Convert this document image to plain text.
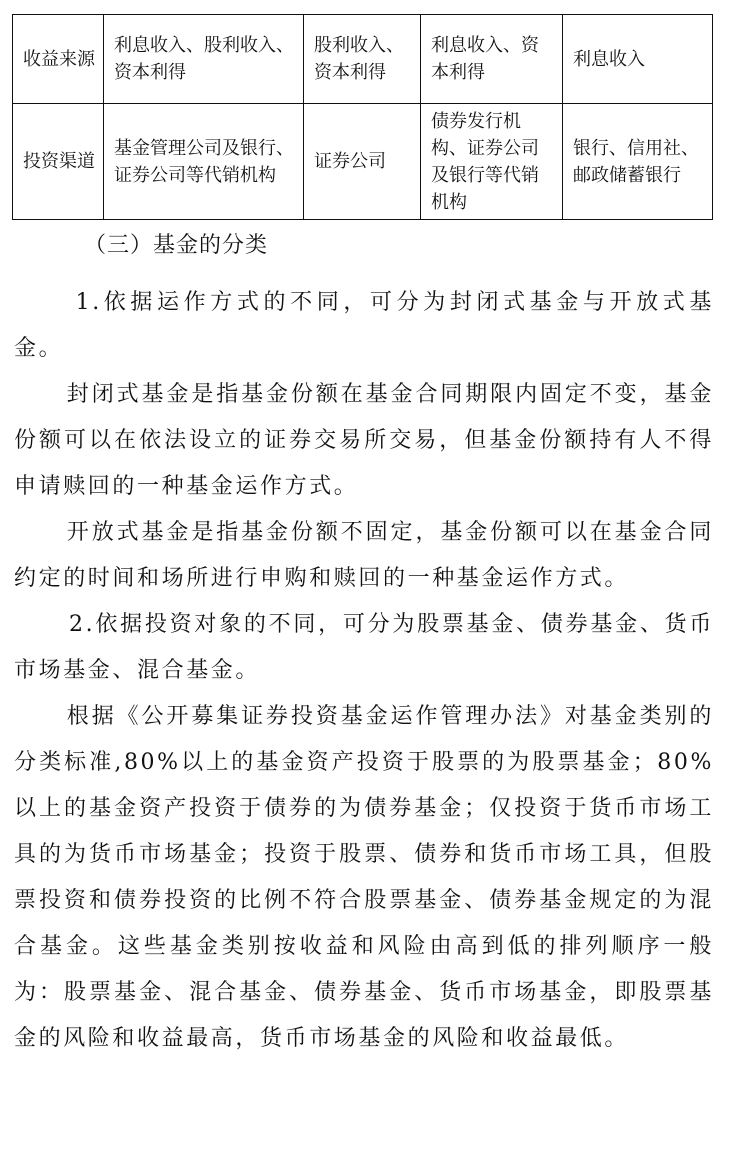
收益来源	利息收入、股利收入、资本利得	股利收入、资本利得	利息收入、资本利得	利息收入
投资渠道	基金管理公司及银行、证券公司等代销机构	证券公司	债券发行机构、证券公司及银行等代销机构	银行、信用社、邮政储蓄银行
（三）基金的分类

1.依据运作方式的不同，可分为封闭式基金与开放式基金。

封闭式基金是指基金份额在基金合同期限内固定不变，基金份额可以在依法设立的证券交易所交易，但基金份额持有人不得申请赎回的一种基金运作方式。

开放式基金是指基金份额不固定，基金份额可以在基金合同约定的时间和场所进行申购和赎回的一种基金运作方式。

2.依据投资对象的不同，可分为股票基金、债券基金、货币市场基金、混合基金。

根据《公开募集证券投资基金运作管理办法》对基金类别的分类标准,80%以上的基金资产投资于股票的为股票基金；80%以上的基金资产投资于债券的为债券基金；仅投资于货币市场工具的为货币市场基金；投资于股票、债券和货币市场工具，但股票投资和债券投资的比例不符合股票基金、债券基金规定的为混合基金。这些基金类别按收益和风险由高到低的排列顺序一般为：股票基金、混合基金、债券基金、货币市场基金，即股票基金的风险和收益最高，货币市场基金的风险和收益最低。
